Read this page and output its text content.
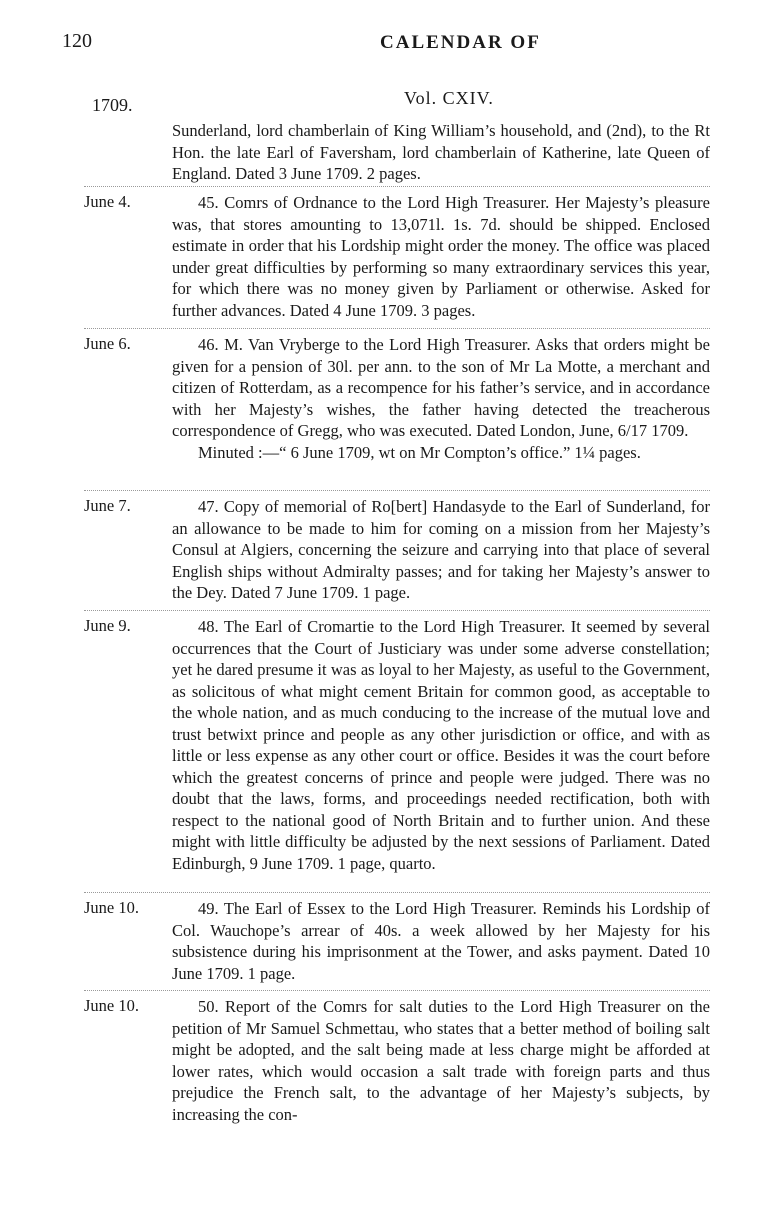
120	CALENDAR OF
1709.	Vol. CXIV.

Sunderland, lord chamberlain of King William’s household, and (2nd), to the Rt Hon. the late Earl of Faversham, lord chamberlain of Katherine, late Queen of England. Dated 3 June 1709. 2 pages.

June 4.	45. Comrs of Ordnance to the Lord High Treasurer. Her Majesty’s pleasure was, that stores amounting to 13,071l. 1s. 7d. should be shipped. Enclosed estimate in order that his Lordship might order the money. The office was placed under great difficulties by performing so many extraordinary services this year, for which there was no money given by Parliament or otherwise. Asked for further advances. Dated 4 June 1709. 3 pages.

June 6.	46. M. Van Vryberge to the Lord High Treasurer. Asks that orders might be given for a pension of 30l. per ann. to the son of Mr La Motte, a merchant and citizen of Rotterdam, as a recompence for his father’s service, and in accordance with her Majesty’s wishes, the father having detected the treacherous correspondence of Gregg, who was executed. Dated London, June, 6/17 1709.

Minuted :—“ 6 June 1709, wt on Mr Compton’s office.” 1¼ pages.

June 7.	47. Copy of memorial of Ro[bert] Handasyde to the Earl of Sunderland, for an allowance to be made to him for coming on a mission from her Majesty’s Consul at Algiers, concerning the seizure and carrying into that place of several English ships without Admiralty passes; and for taking her Majesty’s answer to the Dey. Dated 7 June 1709. 1 page.

June 9.	48. The Earl of Cromartie to the Lord High Treasurer. It seemed by several occurrences that the Court of Justiciary was under some adverse constellation; yet he dared presume it was as loyal to her Majesty, as useful to the Government, as solicitous of what might cement Britain for common good, as acceptable to the whole nation, and as much conducing to the increase of the mutual love and trust betwixt prince and people as any other jurisdiction or office, and with as little or less expense as any other court or office. Besides it was the court before which the greatest concerns of prince and people were judged. There was no doubt that the laws, forms, and proceedings needed rectification, both with respect to the national good of North Britain and to further union. And these might with little difficulty be adjusted by the next sessions of Parliament. Dated Edinburgh, 9 June 1709. 1 page, quarto.

June 10.	49. The Earl of Essex to the Lord High Treasurer. Reminds his Lordship of Col. Wauchope’s arrear of 40s. a week allowed by her Majesty for his subsistence during his imprisonment at the Tower, and asks payment. Dated 10 June 1709. 1 page.

June 10.	50. Report of the Comrs for salt duties to the Lord High Treasurer on the petition of Mr Samuel Schmettau, who states that a better method of boiling salt might be adopted, and the salt being made at less charge might be afforded at lower rates, which would occasion a salt trade with foreign parts and thus prejudice the French salt, to the advantage of her Majesty’s subjects, by increasing the con-
